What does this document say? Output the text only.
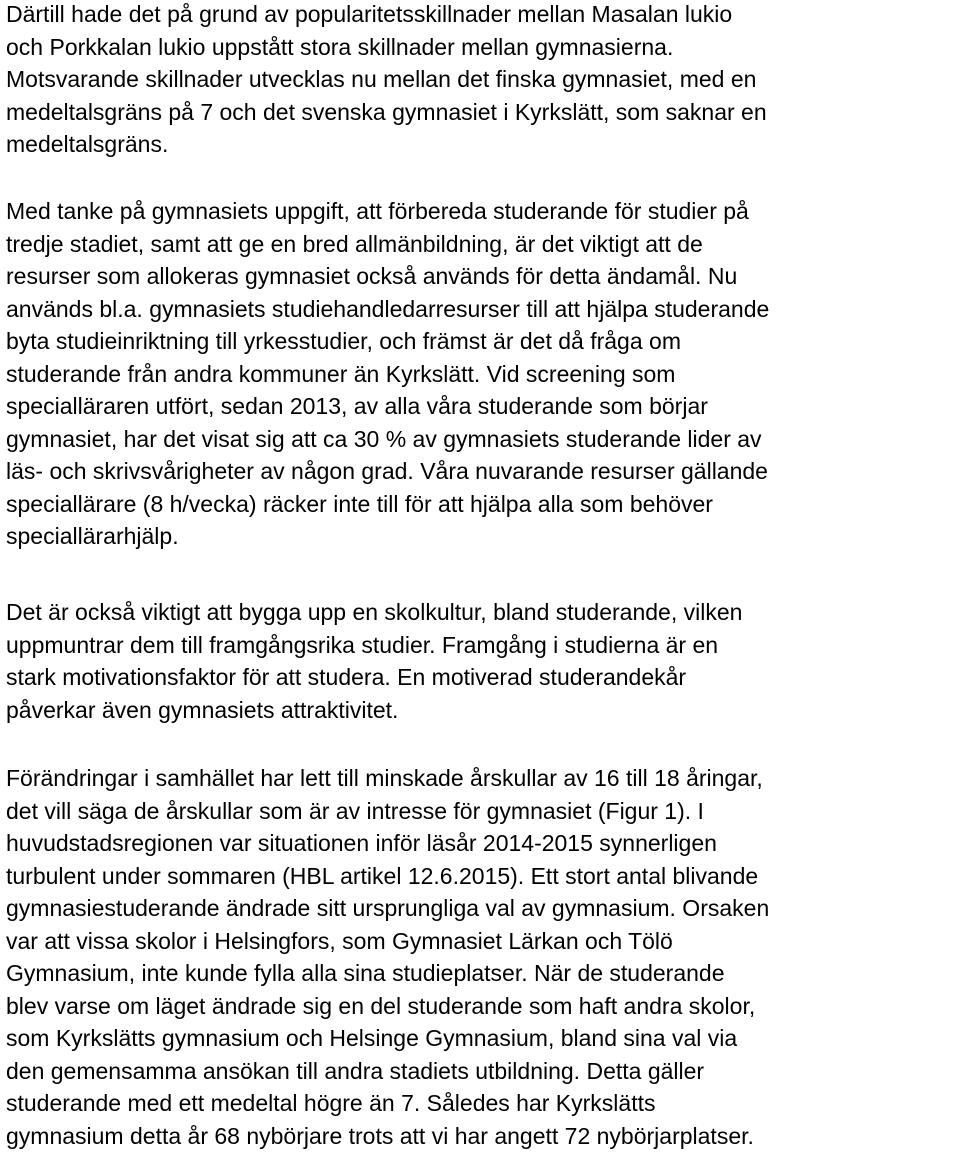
Därtill hade det på grund av popularitetsskillnader mellan Masalan lukio
och Porkkalan lukio uppstått stora skillnader mellan gymnasierna.
Motsvarande skillnader utvecklas nu mellan det finska gymnasiet, med en
medeltalsgräns på 7 och det svenska gymnasiet i Kyrkslätt, som saknar en
medeltalsgräns.
Med tanke på gymnasiets uppgift, att förbereda studerande för studier på
tredje stadiet, samt att ge en bred allmänbildning, är det viktigt att de
resurser som allokeras gymnasiet också används för detta ändamål. Nu
används bl.a. gymnasiets studiehandledarresurser till att hjälpa studerande
byta studieinriktning till yrkesstudier, och främst är det då fråga om
studerande från andra kommuner än Kyrkslätt. Vid screening som
specialläraren utfört, sedan 2013, av alla våra studerande som börjar
gymnasiet, har det visat sig att ca 30 % av gymnasiets studerande lider av
läs- och skrivsvårigheter av någon grad. Våra nuvarande resurser gällande
speciallärare (8 h/vecka) räcker inte till för att hjälpa alla som behöver
speciallärarhjälp.
Det är också viktigt att bygga upp en skolkultur, bland studerande, vilken
uppmuntrar dem till framgångsrika studier. Framgång i studierna är en
stark motivationsfaktor för att studera. En motiverad studerandekår
påverkar även gymnasiets attraktivitet.
Förändringar i samhället har lett till minskade årskullar av 16 till 18 åringar,
det vill säga de årskullar som är av intresse för gymnasiet (Figur 1). I
huvudstadsregionen var situationen inför läsår 2014-2015 synnerligen
turbulent under sommaren (HBL artikel 12.6.2015). Ett stort antal blivande
gymnasiestuderande ändrade sitt ursprungliga val av gymnasium. Orsaken
var att vissa skolor i Helsingfors, som Gymnasiet Lärkan och Tölö
Gymnasium, inte kunde fylla alla sina studieplatser. När de studerande
blev varse om läget ändrade sig en del studerande som haft andra skolor,
som Kyrkslätts gymnasium och Helsinge Gymnasium, bland sina val via
den gemensamma ansökan till andra stadiets utbildning. Detta gäller
studerande med ett medeltal högre än 7. Således har Kyrkslätts
gymnasium detta år 68 nybörjare trots att vi har angett 72 nybörjarplatser.
